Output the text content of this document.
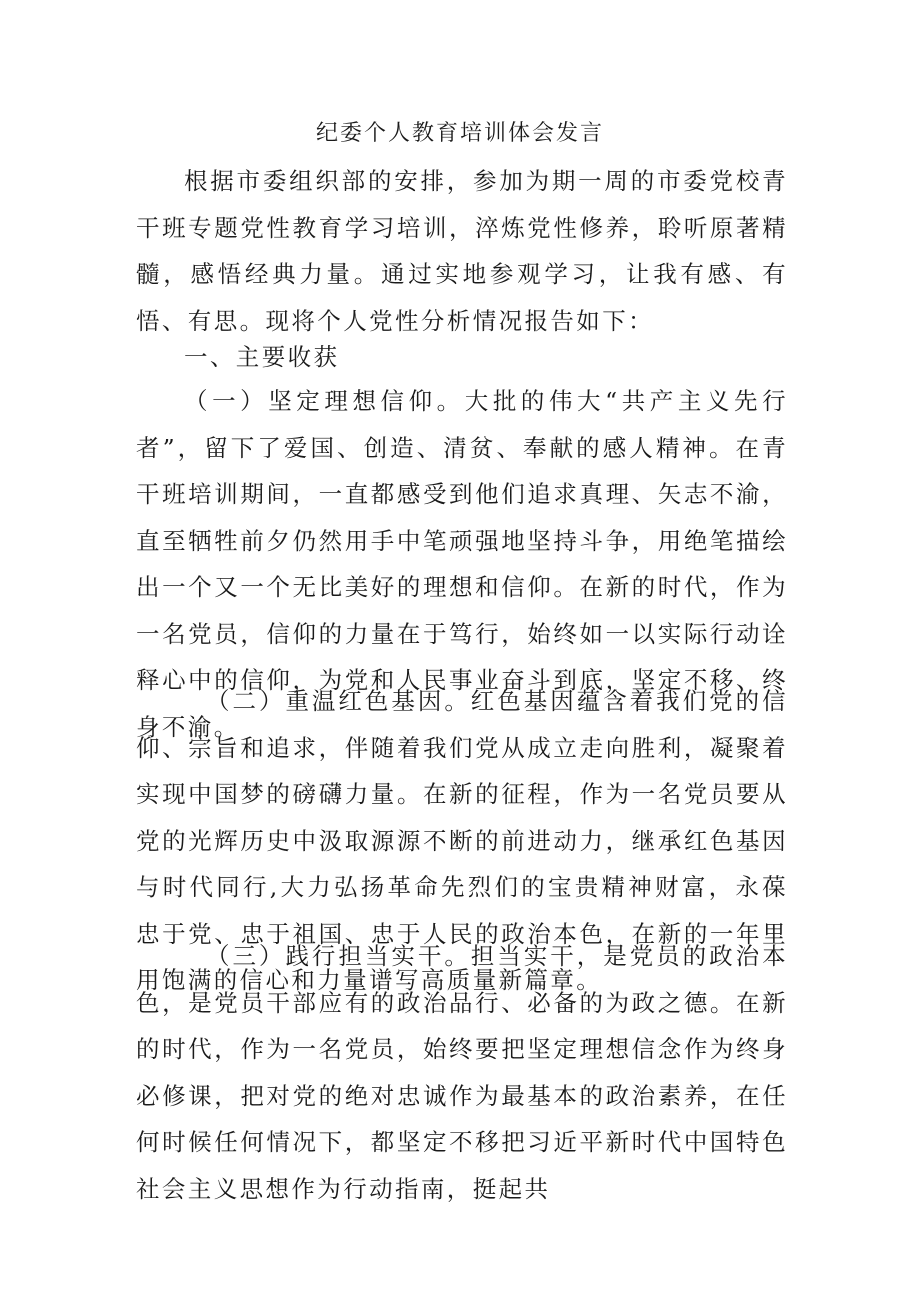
纪委个人教育培训体会发言

根据市委组织部的安排，参加为期一周的市委党校青干班专题党性教育学习培训，淬炼党性修养，聆听原著精髓，感悟经典力量。通过实地参观学习，让我有感、有悟、有思。现将个人党性分析情况报告如下：

一、主要收获

（一）坚定理想信仰。大批的伟大“共产主义先行者”，留下了爱国、创造、清贫、奉献的感人精神。在青干班培训期间，一直都感受到他们追求真理、矢志不渝，直至牺牲前夕仍然用手中笔顽强地坚持斗争，用绝笔描绘出一个又一个无比美好的理想和信仰。在新的时代，作为一名党员，信仰的力量在于笃行，始终如一以实际行动诠释心中的信仰，为党和人民事业奋斗到底，坚定不移、终身不渝。

（二）重温红色基因。红色基因蕴含着我们党的信仰、宗旨和追求，伴随着我们党从成立走向胜利，凝聚着实现中国梦的磅礴力量。在新的征程，作为一名党员要从党的光辉历史中汲取源源不断的前进动力，继承红色基因与时代同行,大力弘扬革命先烈们的宝贵精神财富，永葆忠于党、忠于祖国、忠于人民的政治本色，在新的一年里用饱满的信心和力量谱写高质量新篇章。

（三）践行担当实干。担当实干，是党员的政治本色，是党员干部应有的政治品行、必备的为政之德。在新的时代，作为一名党员，始终要把坚定理想信念作为终身必修课，把对党的绝对忠诚作为最基本的政治素养，在任何时候任何情况下，都坚定不移把习近平新时代中国特色社会主义思想作为行动指南，挺起共
